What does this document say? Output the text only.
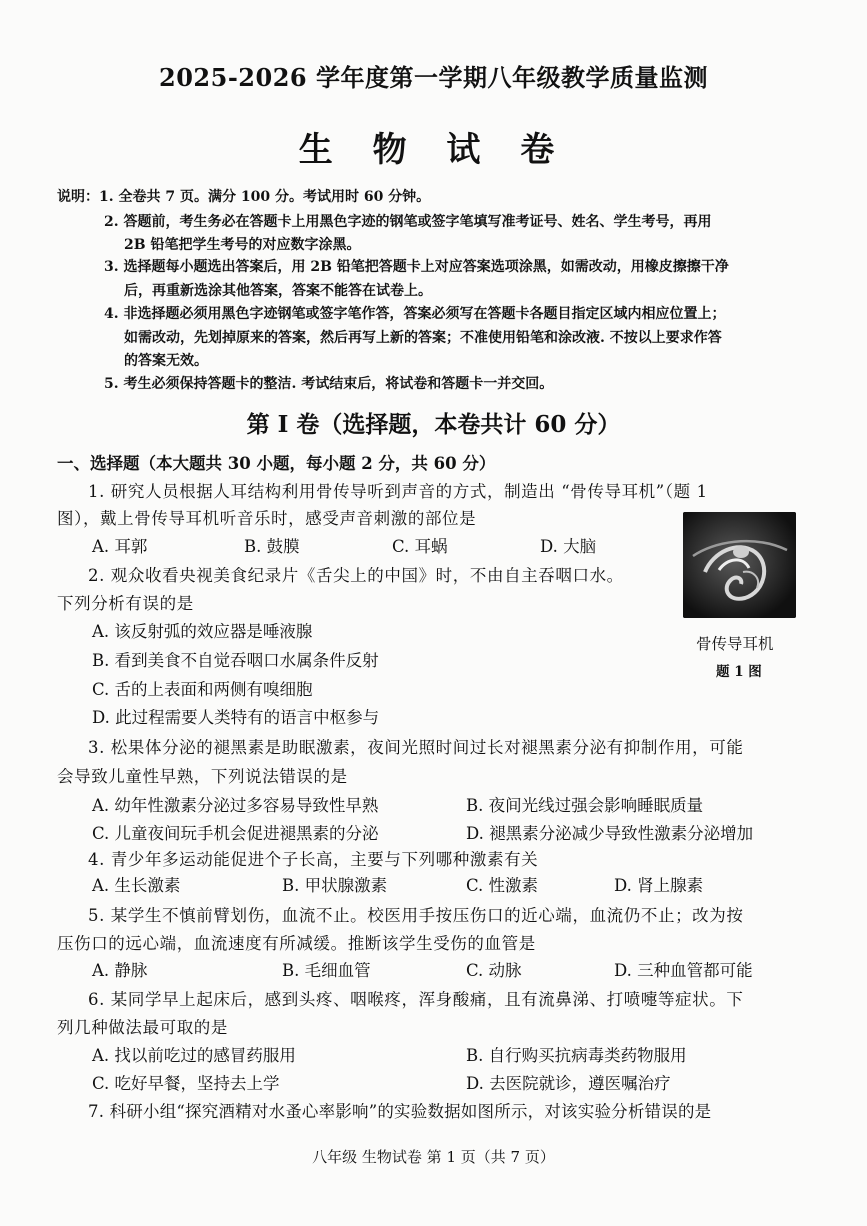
2025-2026 学年度第一学期八年级教学质量监测
生 物 试 卷
说明：1. 全卷共 7 页。满分 100 分。考试用时 60 分钟。
2. 答题前，考生务必在答题卡上用黑色字迹的钢笔或签字笔填写准考证号、姓名、学生考号，再用
2B 铅笔把学生考号的对应数字涂黑。
3. 选择题每小题选出答案后，用 2B 铅笔把答题卡上对应答案选项涂黑，如需改动，用橡皮擦擦干净
后，再重新选涂其他答案，答案不能答在试卷上。
4. 非选择题必须用黑色字迹钢笔或签字笔作答，答案必须写在答题卡各题目指定区域内相应位置上；
如需改动，先划掉原来的答案，然后再写上新的答案；不准使用铅笔和涂改液. 不按以上要求作答
的答案无效。
5. 考生必须保持答题卡的整洁. 考试结束后，将试卷和答题卡一并交回。
第 I 卷（选择题，本卷共计 60 分）
一、选择题（本大题共 30 小题，每小题 2 分，共 60 分）
1. 研究人员根据人耳结构利用骨传导听到声音的方式，制造出 “骨传导耳机”（题 1
图），戴上骨传导耳机听音乐时，感受声音刺激的部位是
A. 耳郭	B. 鼓膜	C. 耳蜗	D. 大脑
骨传导耳机
题 1 图
2. 观众收看央视美食纪录片《舌尖上的中国》时，不由自主吞咽口水。
下列分析有误的是
A. 该反射弧的效应器是唾液腺
B. 看到美食不自觉吞咽口水属条件反射
C. 舌的上表面和两侧有嗅细胞
D. 此过程需要人类特有的语言中枢参与
3. 松果体分泌的褪黑素是助眠激素，夜间光照时间过长对褪黑素分泌有抑制作用，可能
会导致儿童性早熟，下列说法错误的是
A. 幼年性激素分泌过多容易导致性早熟	B. 夜间光线过强会影响睡眠质量
C. 儿童夜间玩手机会促进褪黑素的分泌	D. 褪黑素分泌减少导致性激素分泌增加
4. 青少年多运动能促进个子长高，主要与下列哪种激素有关
A. 生长激素	B. 甲状腺激素	C. 性激素	D. 肾上腺素
5. 某学生不慎前臂划伤，血流不止。校医用手按压伤口的近心端，血流仍不止；改为按
压伤口的远心端，血流速度有所减缓。推断该学生受伤的血管是
A. 静脉	B. 毛细血管	C. 动脉	D. 三种血管都可能
6. 某同学早上起床后，感到头疼、咽喉疼，浑身酸痛，且有流鼻涕、打喷嚏等症状。下
列几种做法最可取的是
A. 找以前吃过的感冒药服用	B. 自行购买抗病毒类药物服用
C. 吃好早餐，坚持去上学	D. 去医院就诊，遵医嘱治疗
7. 科研小组“探究酒精对水蚤心率影响”的实验数据如图所示，对该实验分析错误的是
八年级 生物试卷 第 1 页（共 7 页）
